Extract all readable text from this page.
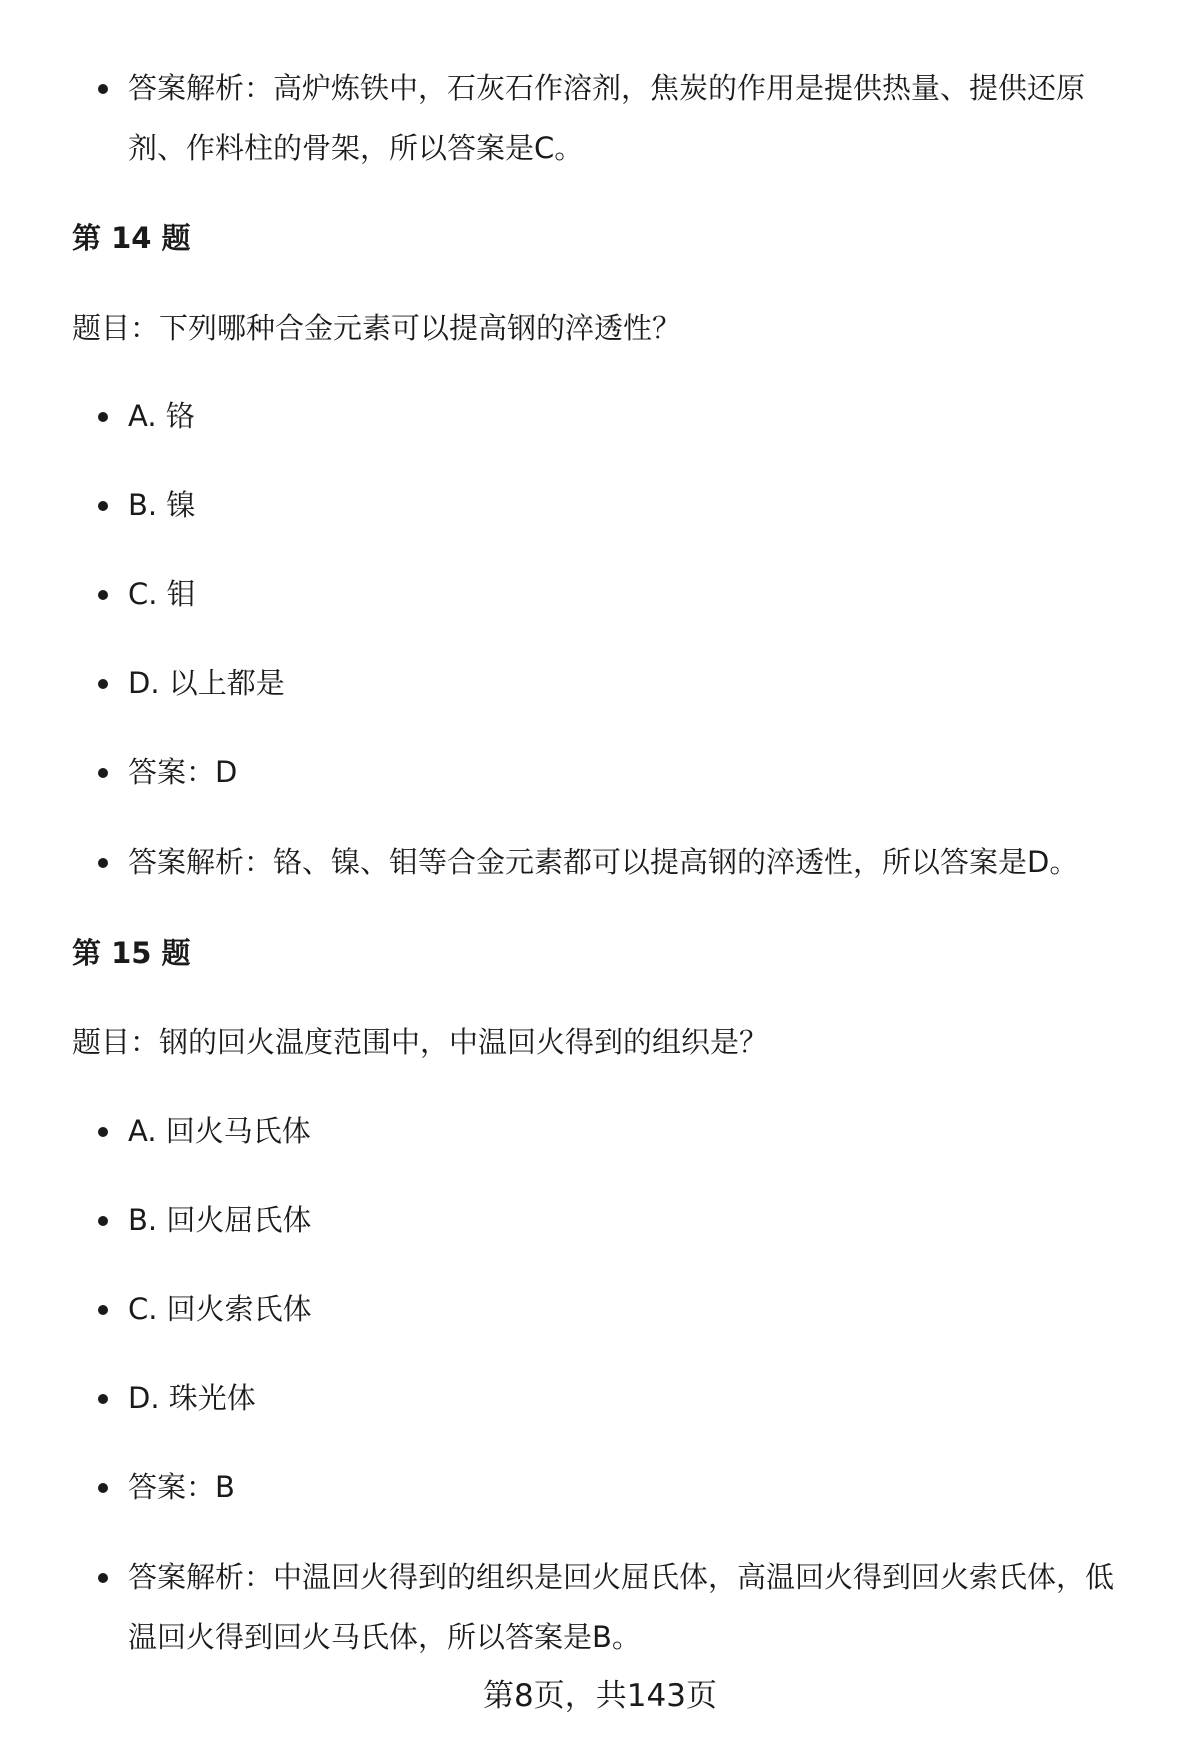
答案解析：高炉炼铁中，石灰石作溶剂，焦炭的作用是提供热量、提供还原剂、作料柱的骨架，所以答案是C。
第 14 题
题目：下列哪种合金元素可以提高钢的淬透性？
A. 铬
B. 镍
C. 钼
D. 以上都是
答案：D
答案解析：铬、镍、钼等合金元素都可以提高钢的淬透性，所以答案是D。
第 15 题
题目：钢的回火温度范围中，中温回火得到的组织是？
A. 回火马氏体
B. 回火屈氏体
C. 回火索氏体
D. 珠光体
答案：B
答案解析：中温回火得到的组织是回火屈氏体，高温回火得到回火索氏体，低温回火得到回火马氏体，所以答案是B。
第8页，共143页
